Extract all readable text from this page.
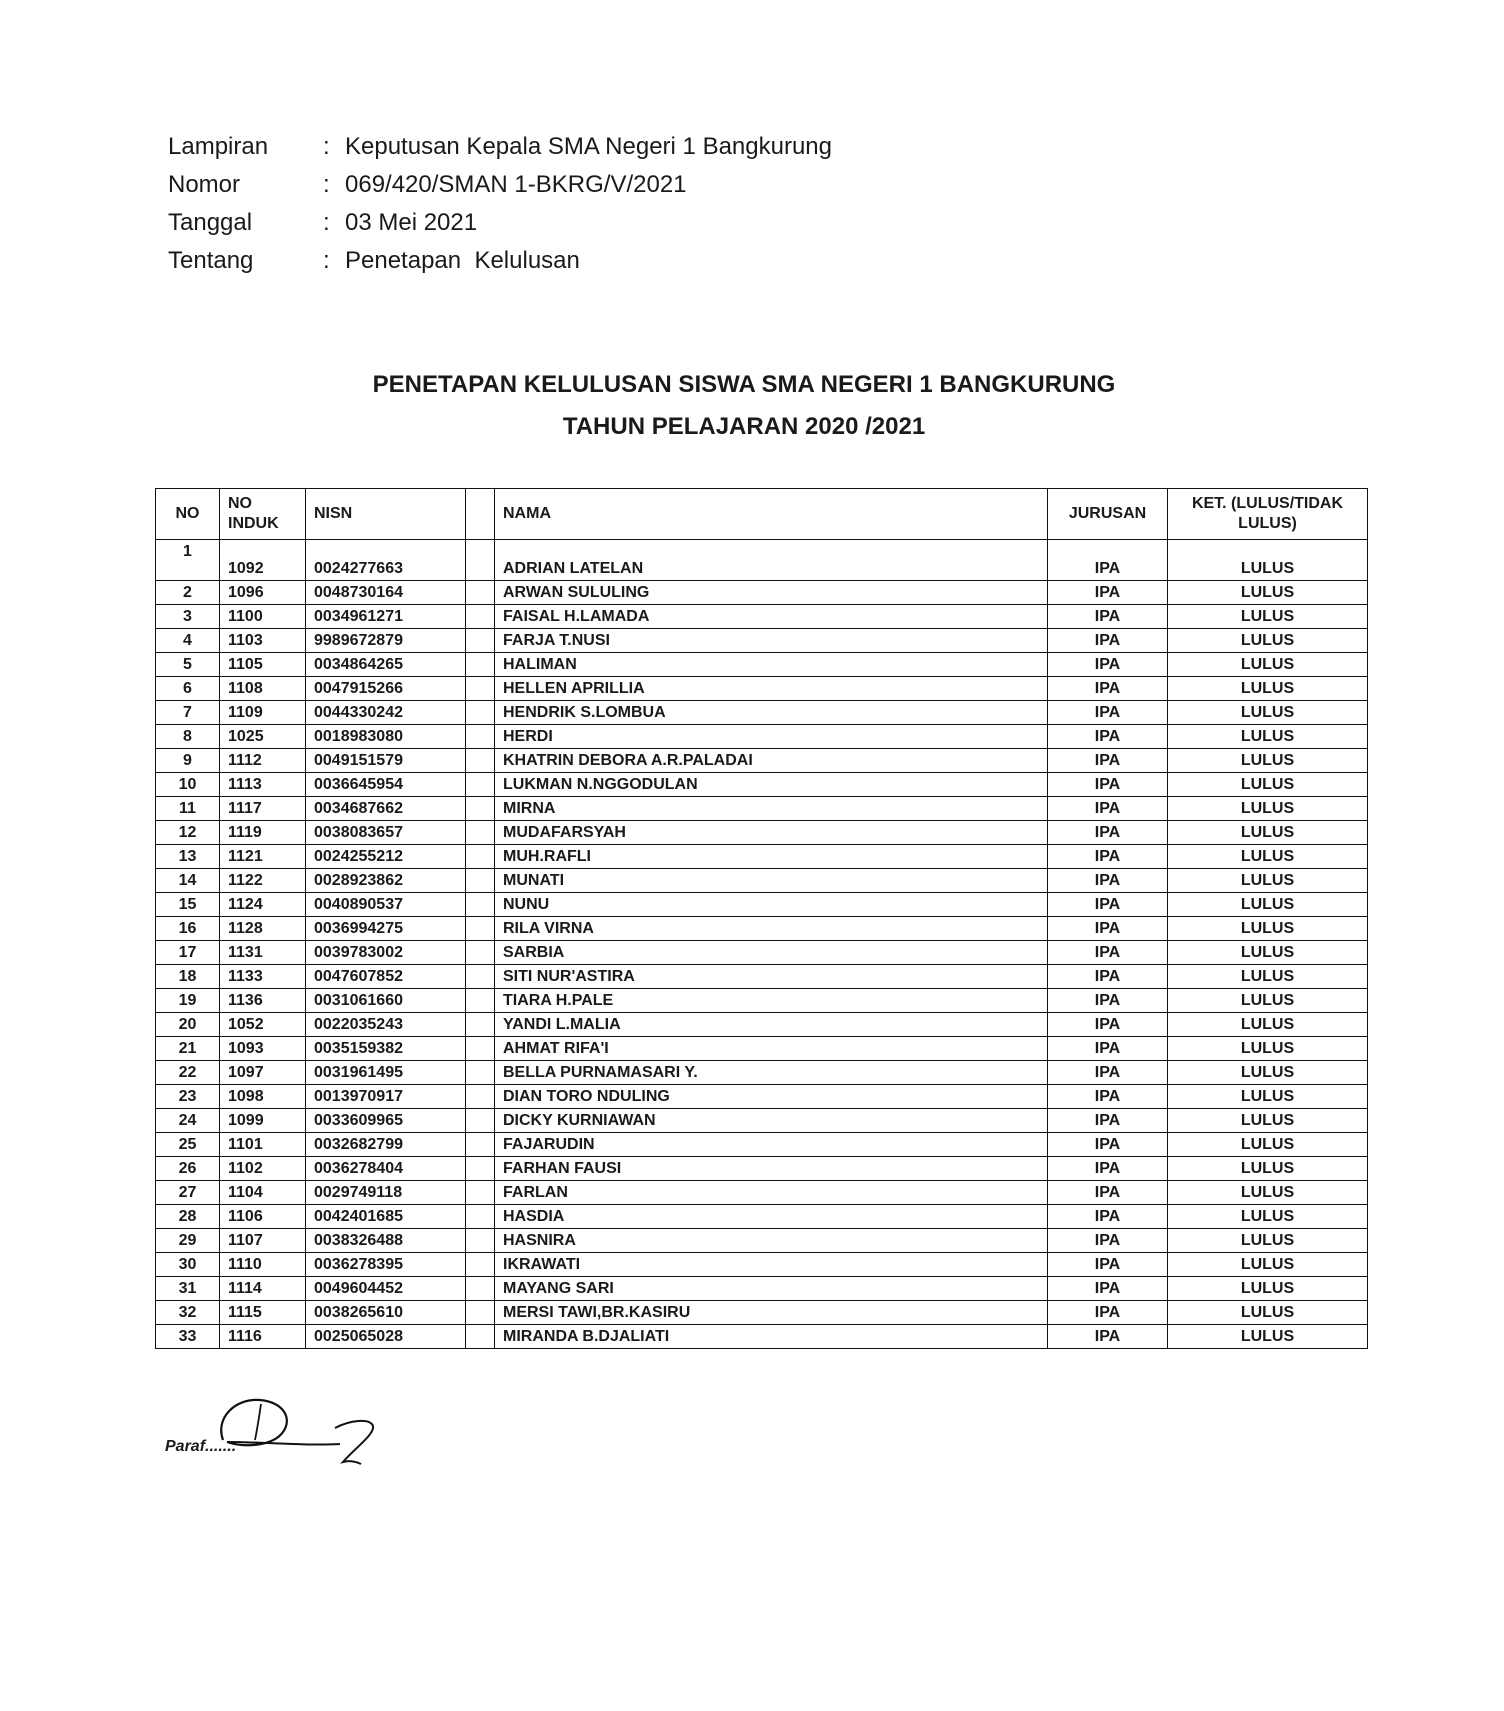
Lampiran	: Keputusan Kepala SMA Negeri 1 Bangkurung
Nomor	: 069/420/SMAN 1-BKRG/V/2021
Tanggal	: 03 Mei 2021
Tentang	: Penetapan  Kelulusan
PENETAPAN KELULUSAN SISWA SMA NEGERI 1 BANGKURUNG
TAHUN PELAJARAN 2020 /2021
NO	NO INDUK	NISN		NAMA	JURUSAN	KET. (LULUS/TIDAK LULUS)
1	1092	0024277663		ADRIAN LATELAN	IPA	LULUS
2	1096	0048730164		ARWAN SULULING	IPA	LULUS
3	1100	0034961271		FAISAL H.LAMADA	IPA	LULUS
4	1103	9989672879		FARJA T.NUSI	IPA	LULUS
5	1105	0034864265		HALIMAN	IPA	LULUS
6	1108	0047915266		HELLEN APRILLIA	IPA	LULUS
7	1109	0044330242		HENDRIK S.LOMBUA	IPA	LULUS
8	1025	0018983080		HERDI	IPA	LULUS
9	1112	0049151579		KHATRIN DEBORA A.R.PALADAI	IPA	LULUS
10	1113	0036645954		LUKMAN N.NGGODULAN	IPA	LULUS
11	1117	0034687662		MIRNA	IPA	LULUS
12	1119	0038083657		MUDAFARSYAH	IPA	LULUS
13	1121	0024255212		MUH.RAFLI	IPA	LULUS
14	1122	0028923862		MUNATI	IPA	LULUS
15	1124	0040890537		NUNU	IPA	LULUS
16	1128	0036994275		RILA VIRNA	IPA	LULUS
17	1131	0039783002		SARBIA	IPA	LULUS
18	1133	0047607852		SITI NUR'ASTIRA	IPA	LULUS
19	1136	0031061660		TIARA H.PALE	IPA	LULUS
20	1052	0022035243		YANDI L.MALIA	IPA	LULUS
21	1093	0035159382		AHMAT RIFA'I	IPA	LULUS
22	1097	0031961495		BELLA PURNAMASARI Y.	IPA	LULUS
23	1098	0013970917		DIAN TORO NDULING	IPA	LULUS
24	1099	0033609965		DICKY KURNIAWAN	IPA	LULUS
25	1101	0032682799		FAJARUDIN	IPA	LULUS
26	1102	0036278404		FARHAN FAUSI	IPA	LULUS
27	1104	0029749118		FARLAN	IPA	LULUS
28	1106	0042401685		HASDIA	IPA	LULUS
29	1107	0038326488		HASNIRA	IPA	LULUS
30	1110	0036278395		IKRAWATI	IPA	LULUS
31	1114	0049604452		MAYANG SARI	IPA	LULUS
32	1115	0038265610		MERSI TAWI,BR.KASIRU	IPA	LULUS
33	1116	0025065028		MIRANDA B.DJALIATI	IPA	LULUS
Paraf.......
